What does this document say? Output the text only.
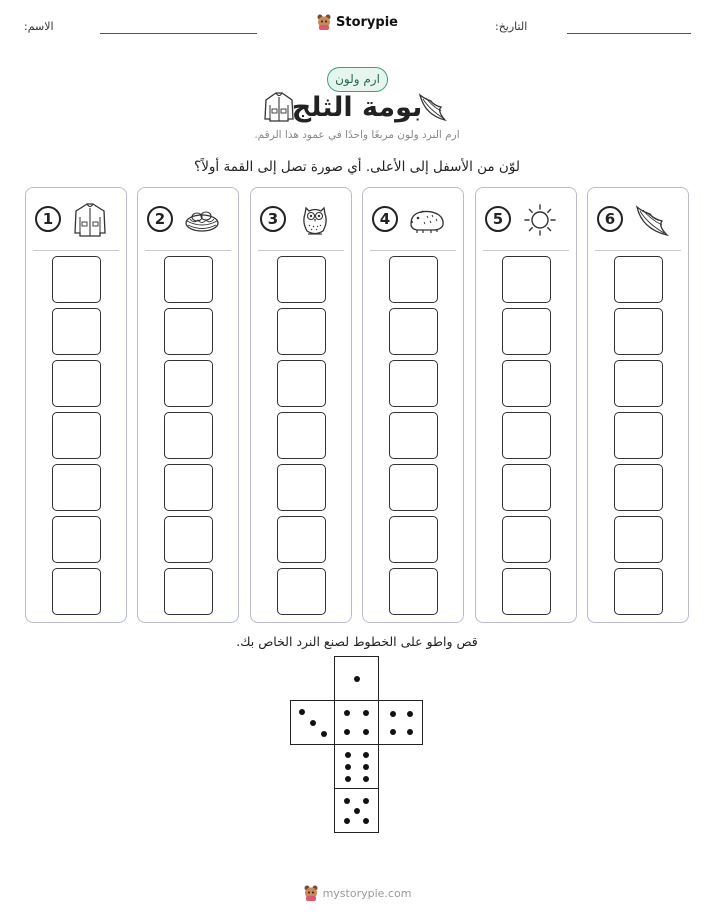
الاسم:	التاريخ:
Storypie
ارم ولون
بومة الثلج
ارم النرد ولون مربعًا واحدًا في عمود هذا الرقم.
لوّن من الأسفل إلى الأعلى. أي صورة تصل إلى القمة أولاً؟
1	2	3	4	5	6
قص واطو على الخطوط لصنع النرد الخاص بك.
mystorypie.com
